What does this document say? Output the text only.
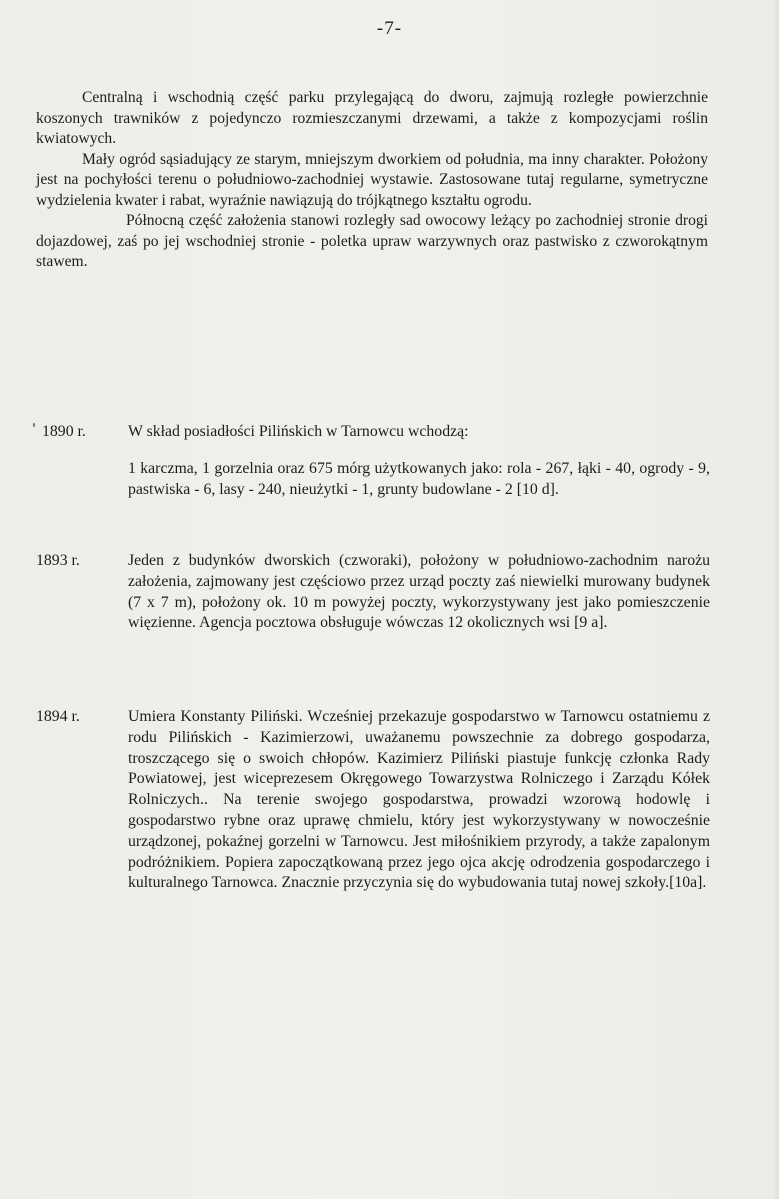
-7-

Centralną i wschodnią część parku przylegającą do dworu, zajmują rozległe powierzchnie koszonych trawników z pojedynczo rozmieszczanymi drzewami, a także z kompozycjami roślin kwiatowych.

Mały ogród sąsiadujący ze starym, mniejszym dworkiem od południa, ma inny charakter. Położony jest na pochyłości terenu o południowo-zachodniej wystawie. Zastosowane tutaj regularne, symetryczne wydzielenia kwater i rabat, wyraźnie nawiązują do trójkątnego kształtu ogrodu.

Północną część założenia stanowi rozległy sad owocowy leżący po zachodniej stronie drogi dojazdowej, zaś po jej wschodniej stronie - poletka upraw warzywnych oraz pastwisko z czworokątnym stawem.

1890 r.	W skład posiadłości Pilińskich w Tarnowcu wchodzą:

1 karczma, 1 gorzelnia oraz 675 mórg użytkowanych jako: rola - 267, łąki - 40, ogrody - 9, pastwiska - 6, lasy - 240, nieużytki - 1, grunty budowlane - 2 [10 d].

1893 r.	Jeden z budynków dworskich (czworaki), położony w południowo-zachodnim narożu założenia, zajmowany jest częściowo przez urząd poczty zaś niewielki murowany budynek (7 x 7 m), położony ok. 10 m powyżej poczty, wykorzystywany jest jako pomieszczenie więzienne. Agencja pocztowa obsługuje wówczas 12 okolicznych wsi [9 a].

1894 r.	Umiera Konstanty Piliński. Wcześniej przekazuje gospodarstwo w Tarnowcu ostatniemu z rodu Pilińskich - Kazimierzowi, uważanemu powszechnie za dobrego gospodarza, troszczącego się o swoich chłopów. Kazimierz Piliński piastuje funkcję członka Rady Powiatowej, jest wiceprezesem Okręgowego Towarzystwa Rolniczego i Zarządu Kółek Rolniczych.. Na terenie swojego gospodarstwa, prowadzi wzorową hodowlę i gospodarstwo rybne oraz uprawę chmielu, który jest wykorzystywany w nowocześnie urządzonej, pokaźnej gorzelni w Tarnowcu. Jest miłośnikiem przyrody, a także zapalonym podróżnikiem. Popiera zapoczątkowaną przez jego ojca akcję odrodzenia gospodarczego i kulturalnego Tarnowca. Znacznie przyczynia się do wybudowania tutaj nowej szkoły.[10a].
